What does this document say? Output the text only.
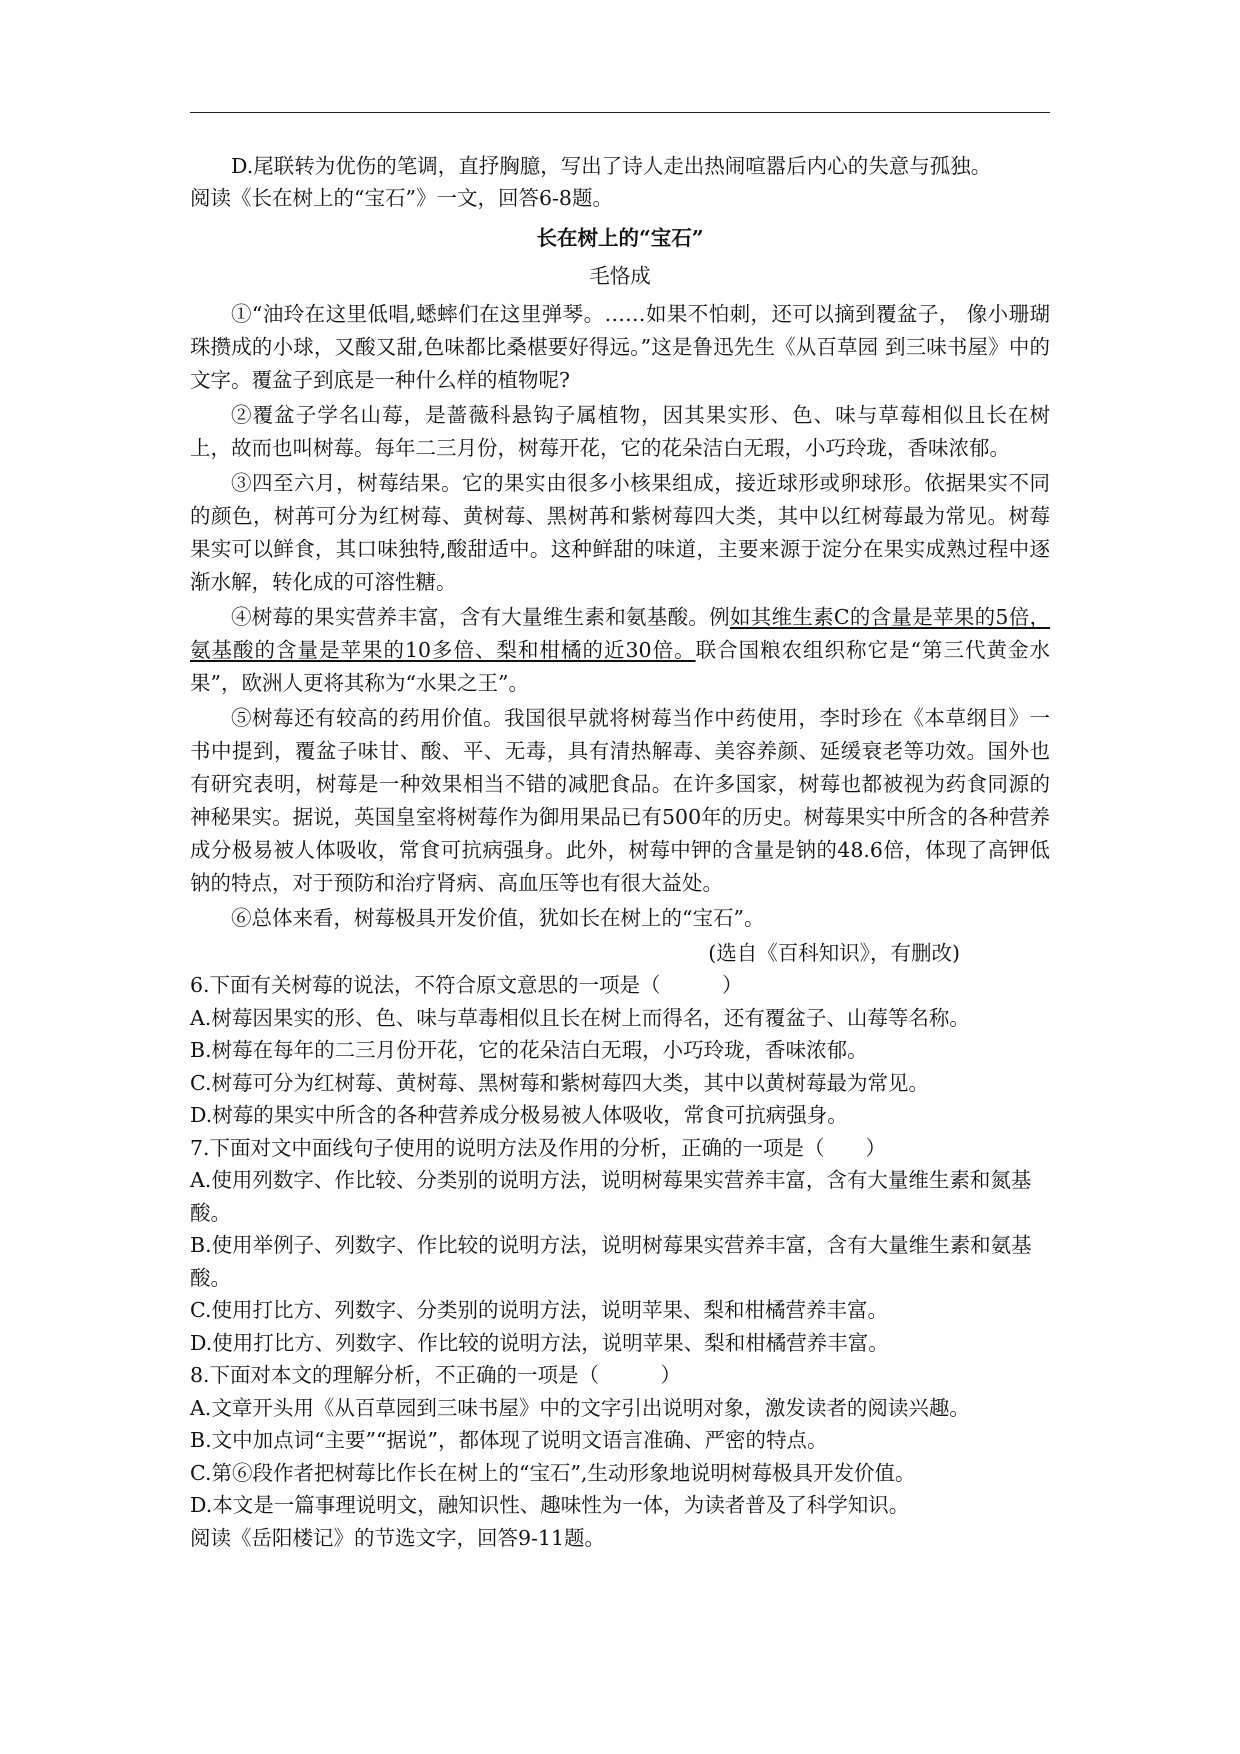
D.尾联转为优伤的笔调，直抒胸臆，写出了诗人走出热闹喧嚣后内心的失意与孤独。

阅读《长在树上的“宝石”》一文，回答6-8题。

长在树上的“宝石”

毛恪成

①“油玲在这里低唱,蟋蟀们在这里弹琴。……如果不怕刺，还可以摘到覆盆子， 像小珊瑚珠攒成的小球，又酸又甜,色味都比桑椹要好得远。”这是鲁迅先生《从百草园 到三味书屋》中的文字。覆盆子到底是一种什么样的植物呢?

②覆盆子学名山莓，是蔷薇科悬钩子属植物，因其果实形、色、味与草莓相似且长在树上，故而也叫树莓。每年二三月份，树莓开花，它的花朵洁白无瑕，小巧玲珑，香味浓郁。

③四至六月，树莓结果。它的果实由很多小核果组成，接近球形或卵球形。依据果实不同的颜色，树苒可分为红树莓、黄树莓、黑树苒和紫树莓四大类，其中以红树莓最为常见。树莓果实可以鲜食，其口味独特,酸甜适中。这种鲜甜的味道，主要来源于淀分在果实成熟过程中逐渐水解，转化成的可溶性糖。

④树莓的果实营养丰富，含有大量维生素和氨基酸。例如其维生素C的含量是苹果的5倍，氨基酸的含量是苹果的10多倍、梨和柑橘的近30倍。联合国粮农组织称它是“第三代黄金水果”，欧洲人更将其称为“水果之王”。

⑤树莓还有较高的药用价值。我国很早就将树莓当作中药使用，李时珍在《本草纲目》一书中提到，覆盆子味甘、酸、平、无毒，具有清热解毒、美容养颜、延缓衰老等功效。国外也有研究表明，树莓是一种效果相当不错的减肥食品。在许多国家，树莓也都被视为药食同源的神秘果实。据说，英国皇室将树莓作为御用果品已有500年的历史。树莓果实中所含的各种营养成分极易被人体吸收，常食可抗病强身。此外，树莓中钾的含量是钠的48.6倍，体现了高钾低钠的特点，对于预防和治疗肾病、高血压等也有很大益处。

⑥总体来看，树莓极具开发价值，犹如长在树上的“宝石”。

(选自《百科知识》，有删改)

6.下面有关树莓的说法，不符合原文意思的一项是（　　　）

A.树莓因果实的形、色、味与草毒相似且长在树上而得名，还有覆盆子、山莓等名称。

B.树莓在每年的二三月份开花，它的花朵洁白无瑕，小巧玲珑，香味浓郁。

C.树莓可分为红树莓、黄树莓、黑树莓和紫树莓四大类，其中以黄树莓最为常见。

D.树莓的果实中所含的各种营养成分极易被人体吸收，常食可抗病强身。

7.下面对文中面线句子使用的说明方法及作用的分析，正确的一项是（　　）

A.使用列数字、作比较、分类别的说明方法，说明树莓果实营养丰富，含有大量维生素和氮基酸。

B.使用举例子、列数字、作比较的说明方法，说明树莓果实营养丰富，含有大量维生素和氨基酸。

C.使用打比方、列数字、分类别的说明方法，说明苹果、梨和柑橘营养丰富。

D.使用打比方、列数字、作比较的说明方法，说明苹果、梨和柑橘营养丰富。

8.下面对本文的理解分析，不正确的一项是（　　　）

A.文章开头用《从百草园到三味书屋》中的文字引出说明对象，激发读者的阅读兴趣。

B.文中加点词“主要”“据说”，都体现了说明文语言准确、严密的特点。

C.第⑥段作者把树莓比作长在树上的“宝石”,生动形象地说明树莓极具开发价值。

D.本文是一篇事理说明文，融知识性、趣味性为一体，为读者普及了科学知识。

阅读《岳阳楼记》的节选文字，回答9-11题。
